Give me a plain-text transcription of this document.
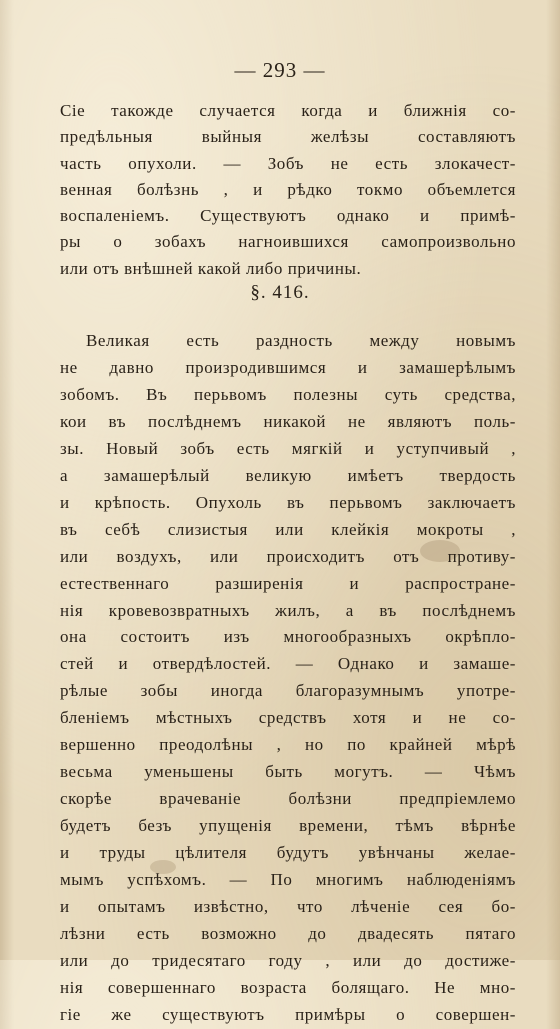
— 293 —
Сіе такожде случается когда и ближнія со-
предѣльныя выйныя желѣзы составляютъ
часть опухоли. — Зобъ не есть злокачест-
венная болѣзнь , и рѣдко токмо объемлется
воспаленіемъ. Существуютъ однако и примѣ-
ры о зобахъ нагноившихся самопроизвольно
или отъ внѣшней какой либо причины.
§. 416.
Великая есть раздность между новымъ
не давно произродившимся и замашерѣлымъ
зобомъ. Въ перьвомъ полезны суть средства,
кои въ послѣднемъ никакой не являютъ поль-
зы. Новый зобъ есть мягкій и уступчивый ,
а замашерѣлый великую имѣетъ твердость
и крѣпость. Опухоль въ перьвомъ заключаетъ
въ себѣ слизистыя или клейкія мокроты ,
или воздухъ, или происходитъ отъ противу-
естественнаго разширенія и распростране-
нія кровевозвратныхъ жилъ, а въ послѣднемъ
она состоитъ изъ многообразныхъ окрѣпло-
стей и отвердѣлостей. — Однако и замаше-
рѣлые зобы иногда благоразумнымъ употре-
бленіемъ мѣстныхъ средствъ хотя и не со-
вершенно преодолѣны , но по крайней мѣрѣ
весьма уменьшены быть могутъ. — Чѣмъ
скорѣе врачеваніе болѣзни предпріемлемо
будетъ безъ упущенія времени, тѣмъ вѣрнѣе
и труды цѣлителя будутъ увѣнчаны желае-
мымъ успѣхомъ. — По многимъ наблюденіямъ
и опытамъ извѣстно, что лѣченіе сея бо-
лѣзни есть возможно до двадесять пятаго
или до тридесятаго году , или до достиже-
нія совершеннаго возраста болящаго. Не мно-
гіе же существуютъ примѣры о совершен-
